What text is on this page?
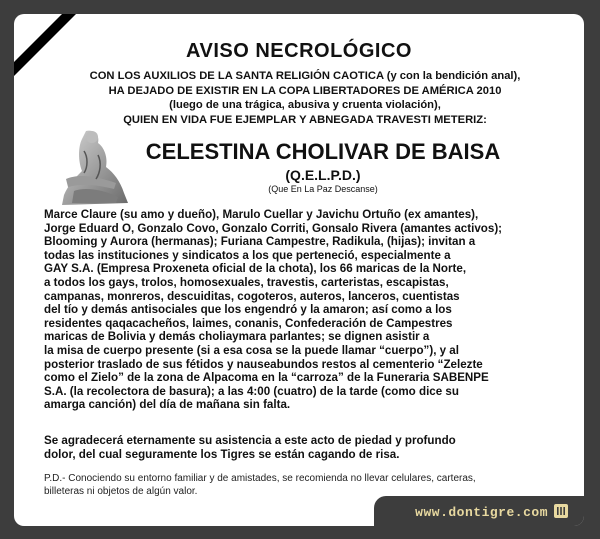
AVISO NECROLÓGICO
CON LOS AUXILIOS DE LA SANTA RELIGIÓN CAOTICA (y con la bendición anal),
HA DEJADO DE EXISTIR EN LA COPA LIBERTADORES DE AMÉRICA 2010
(luego de una trágica, abusiva y cruenta violación),
QUIEN EN VIDA FUE EJEMPLAR Y ABNEGADA TRAVESTI METERIZ:
CELESTINA CHOLIVAR DE BAISA
(Q.E.L.P.D.)
(Que En La Paz Descanse)
Marce Claure (su amo y dueño), Marulo Cuellar y Javichu Ortuño (ex amantes),
Jorge Eduard O, Gonzalo Covo, Gonzalo Corriti, Gonsalo Rivera (amantes activos);
Blooming y Aurora (hermanas); Furiana Campestre, Radikula, (hijas); invitan a
todas las instituciones y sindicatos a los que perteneció, especialmente a
GAY S.A. (Empresa Proxeneta oficial de la chota), los 66 maricas de la Norte,
a todos los gays, trolos, homosexuales, travestis, carteristas, escapistas,
campanas, monreros, descuiditas, cogoteros, auteros, lanceros, cuentistas
del tío y demás antisociales que los engendró y la amaron; así como a los
residentes qaqacacheños, laimes, conanis, Confederación de Campestres
maricas de Bolivia y demás choliaymara parlantes; se dignen asistir a
la misa de cuerpo presente (si a esa cosa se la puede llamar “cuerpo”), y al
posterior traslado de sus fétidos y nauseabundos restos al cementerio “Zelezte
como el Zielo” de la zona de Alpacoma en la “carroza” de la Funeraria SABENPE
S.A. (la recolectora de basura); a las 4:00 (cuatro) de la tarde (como dice su
amarga canción) del día de mañana sin falta.
Se agradecerá eternamente su asistencia a este acto de piedad y profundo
dolor, del cual seguramente los Tigres se están cagando de risa.
P.D.- Conociendo su entorno familiar y de amistades, se recomienda no llevar celulares, carteras,
billeteras ni objetos de algún valor.
www.dontigre.com
